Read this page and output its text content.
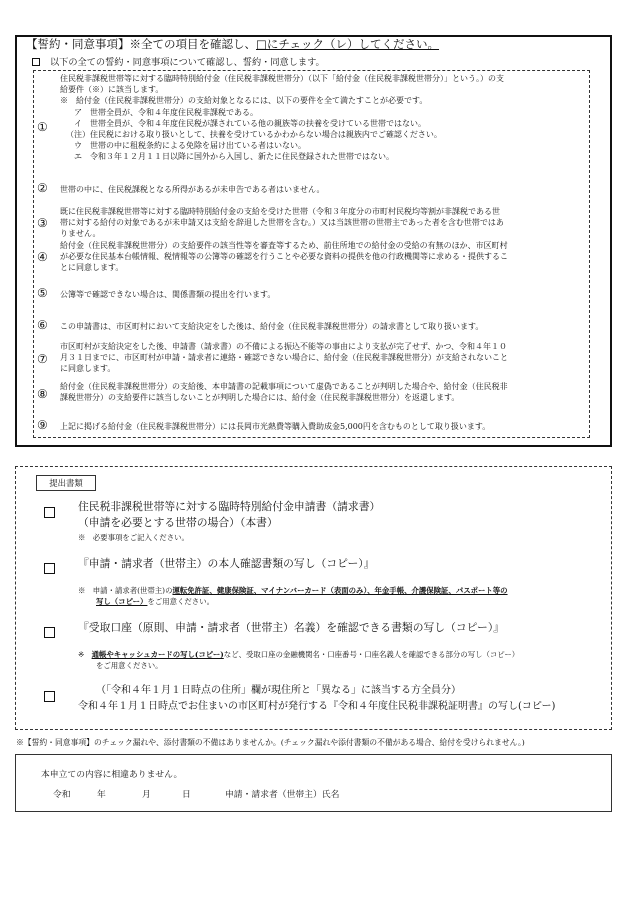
【誓約・同意事項】※全ての項目を確認し、□にチェック（レ）してください。
以下の全ての誓約・同意事項について確認し、誓約・同意します。
①
住民税非課税世帯等に対する臨時特別給付金（住民税非課税世帯分）（以下「給付金（住民税非課税世帯分）」という。）の支
給要件（※）に該当します。
※　給付金（住民税非課税世帯分）の支給対象となるには、以下の要件を全て満たすことが必要です。
ア　世帯全員が、令和４年度住民税非課税である。
イ　世帯全員が、令和４年度住民税が課されている他の親族等の扶養を受けている世帯ではない。
（注）住民税における取り扱いとして、扶養を受けているかわからない場合は親族内でご確認ください。
ウ　世帯の中に租税条約による免除を届け出ている者はいない。
エ　令和３年１２月１１日以降に国外から入国し、新たに住民登録された世帯ではない。
② 世帯の中に、住民税課税となる所得があるが未申告である者はいません。
③
既に住民税非課税世帯等に対する臨時特別給付金の支給を受けた世帯（令和３年度分の市町村民税均等割が非課税である世
帯に対する給付の対象であるが未申請又は支給を辞退した世帯を含む。）又は当該世帯の世帯主であった者を含む世帯ではあ
りません。
④
給付金（住民税非課税世帯分）の支給要件の該当性等を審査等するため、前住所地での給付金の受給の有無のほか、市区町村
が必要な住民基本台帳情報、税情報等の公簿等の確認を行うことや必要な資料の提供を他の行政機関等に求める・提供するこ
とに同意します。
⑤ 公簿等で確認できない場合は、関係書類の提出を行います。
⑥ この申請書は、市区町村において支給決定をした後は、給付金（住民税非課税世帯分）の請求書として取り扱います。
⑦
市区町村が支給決定をした後、申請書（請求書）の不備による振込不能等の事由により支払が完了せず、かつ、令和４年１０
月３１日までに、市区町村が申請・請求者に連絡・確認できない場合に、給付金（住民税非課税世帯分）が支給されないこと
に同意します。
⑧
給付金（住民税非課税世帯分）の支給後、本申請書の記載事項について虚偽であることが判明した場合や、給付金（住民税非
課税世帯分）の支給要件に該当しないことが判明した場合には、給付金（住民税非課税世帯分）を返還します。
⑨ 上記に掲げる給付金（住民税非課税世帯分）には長岡市光熱費等購入費助成金5,000円を含むものとして取り扱います。
提出書類
住民税非課税世帯等に対する臨時特別給付金申請書（請求書）
（申請を必要とする世帯の場合）（本書）
※　必要事項をご記入ください。
『申請・請求者（世帯主）の本人確認書類の写し（コピー）』
※　申請・請求者(世帯主)の運転免許証、健康保険証、マイナンバーカード（表面のみ）、年金手帳、介護保険証、パスポート等の
写し（コピー）をご用意ください。
『受取口座（原則、申請・請求者（世帯主）名義）を確認できる書類の写し（コピー）』
※　通帳やキャッシュカードの写し(コピー)など、受取口座の金融機関名・口座番号・口座名義人を確認できる部分の写し（コピー）
をご用意ください。
（「令和４年１月１日時点の住所」欄が現住所と「異なる」に該当する方全員分）
令和４年１月１日時点でお住まいの市区町村が発行する『令和４年度住民税非課税証明書』の写し(コピー)
※【誓約・同意事項】のチェック漏れや、添付書類の不備はありませんか。(チェック漏れや添付書類の不備がある場合、給付を受けられません。)
本申立ての内容に相違ありません。
令和	年	月	日	申請・請求者（世帯主）氏名
